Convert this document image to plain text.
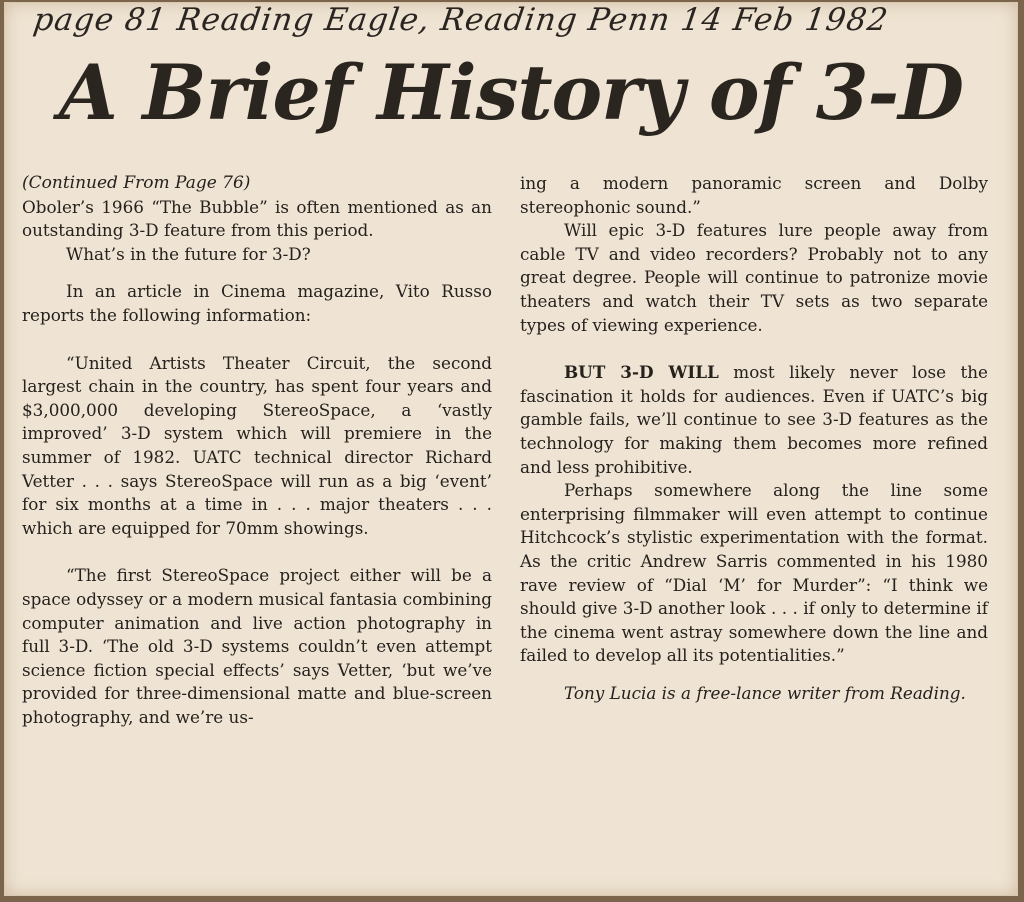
page 81 Reading Eagle, Reading Penn 14 Feb 1982
A Brief History of 3-D

(Continued From Page 76)

Oboler’s 1966 “The Bubble” is often mentioned as an outstanding 3-D feature from this period.

What’s in the future for 3-D?

In an article in Cinema magazine, Vito Russo reports the following information:

“United Artists Theater Circuit, the second largest chain in the country, has spent four years and $3,000,000 developing StereoSpace, a ‘vastly improved’ 3-D system which will premiere in the summer of 1982. UATC technical director Richard Vetter . . . says StereoSpace will run as a big ‘event’ for six months at a time in . . . major theaters . . . which are equipped for 70mm showings.

“The first StereoSpace project either will be a space odyssey or a modern musical fantasia combining computer animation and live action photography in full 3-D. ‘The old 3-D systems couldn’t even attempt science fiction special effects’ says Vetter, ‘but we’ve provided for three-dimensional matte and blue-screen photography, and we’re us-

ing a modern panoramic screen and Dolby stereophonic sound.”

Will epic 3-D features lure people away from cable TV and video recorders? Probably not to any great degree. People will continue to patronize movie theaters and watch their TV sets as two separate types of viewing experience.

BUT 3-D WILL most likely never lose the fascination it holds for audiences. Even if UATC’s big gamble fails, we’ll continue to see 3-D features as the technology for making them becomes more refined and less prohibitive.

Perhaps somewhere along the line some enterprising filmmaker will even attempt to continue Hitchcock’s stylistic experimentation with the format. As the critic Andrew Sarris commented in his 1980 rave review of “Dial ‘M’ for Murder”: “I think we should give 3-D another look . . . if only to determine if the cinema went astray somewhere down the line and failed to develop all its potentialities.”

Tony Lucia is a free-lance writer from Reading.
